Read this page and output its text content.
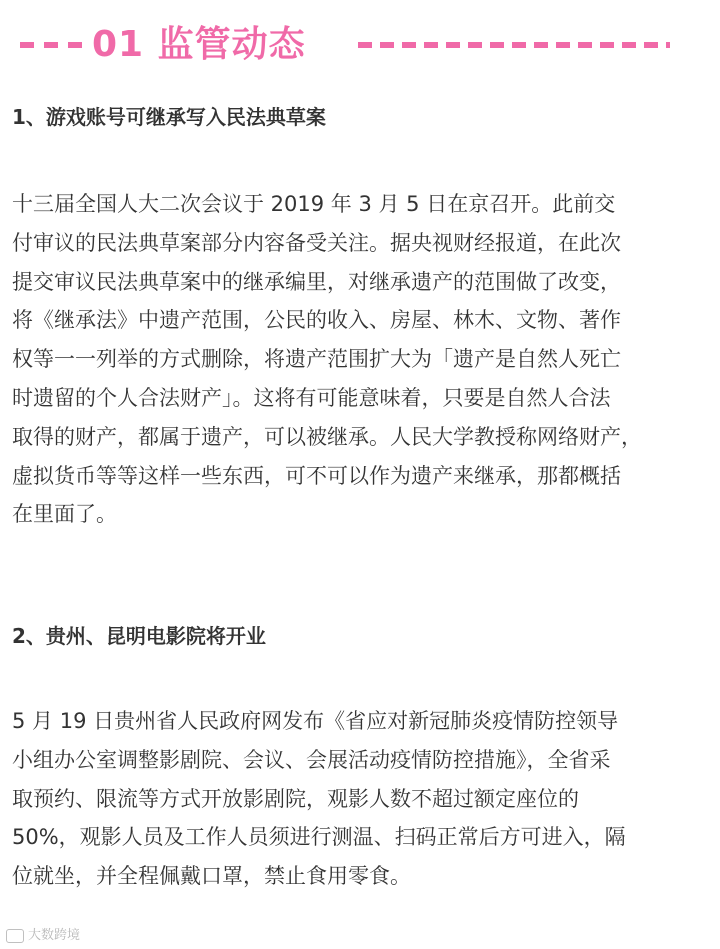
01 监管动态
1、游戏账号可继承写入民法典草案
十三届全国人大二次会议于 2019 年 3 月 5 日在京召开。此前交
付审议的民法典草案部分内容备受关注。据央视财经报道，在此次
提交审议民法典草案中的继承编里，对继承遗产的范围做了改变，
将《继承法》中遗产范围，公民的收入、房屋、林木、文物、著作
权等一一列举的方式删除，将遗产范围扩大为「遗产是自然人死亡
时遗留的个人合法财产」。这将有可能意味着，只要是自然人合法
取得的财产，都属于遗产，可以被继承。人民大学教授称网络财产，
虚拟货币等等这样一些东西，可不可以作为遗产来继承，那都概括
在里面了。
2、贵州、昆明电影院将开业
5 月 19 日贵州省人民政府网发布《省应对新冠肺炎疫情防控领导
小组办公室调整影剧院、会议、会展活动疫情防控措施》，全省采
取预约、限流等方式开放影剧院，观影人数不超过额定座位的
50%，观影人员及工作人员须进行测温、扫码正常后方可进入，隔
位就坐，并全程佩戴口罩，禁止食用零食。
大数跨境
